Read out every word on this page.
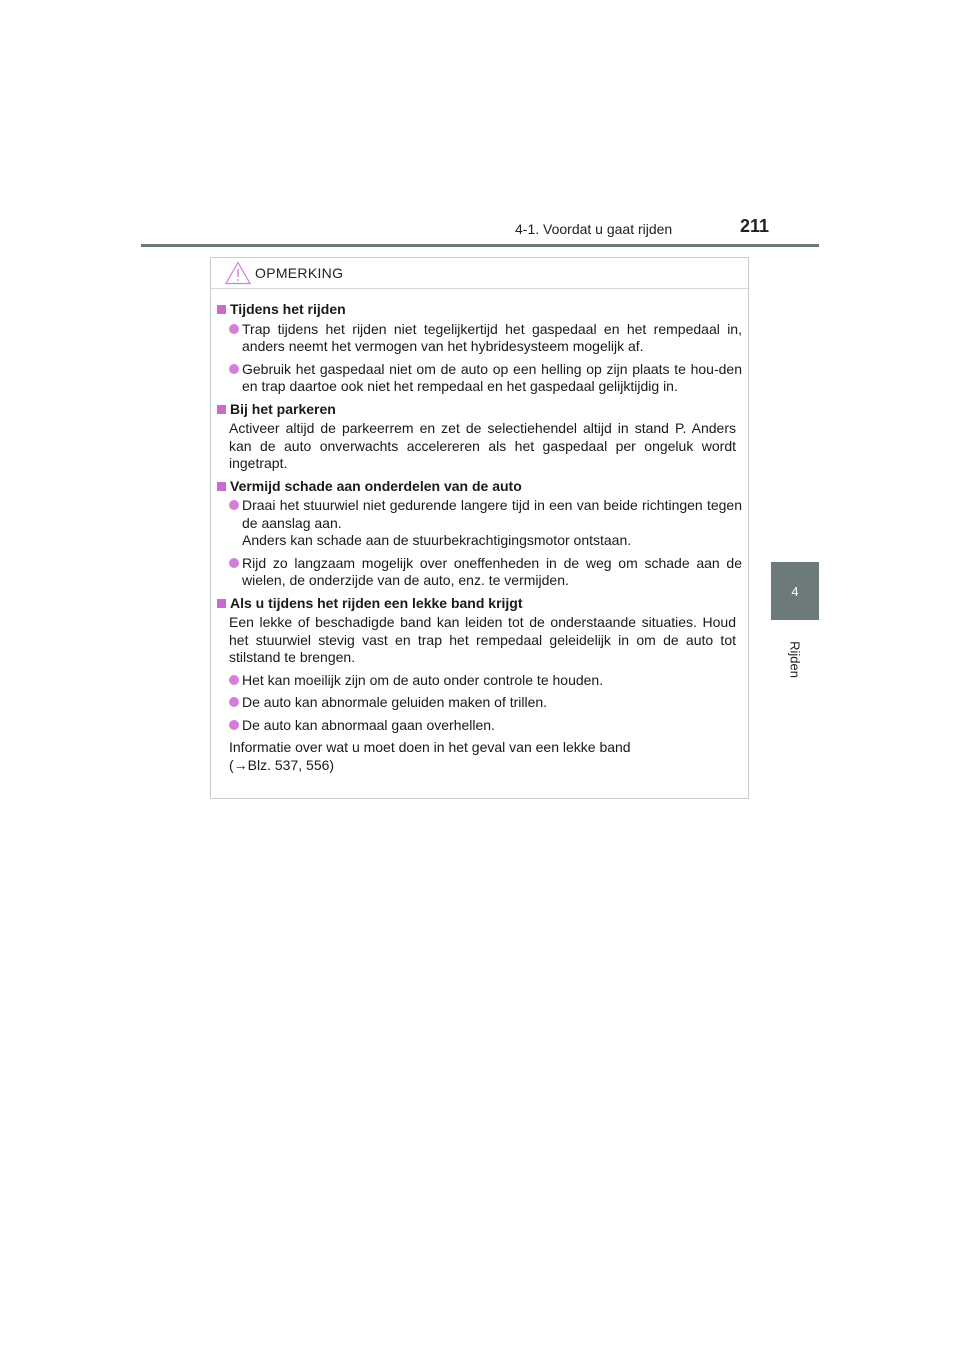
4-1. Voordat u gaat rijden	211
4
Rijden
OPMERKING
Tijdens het rijden
Trap tijdens het rijden niet tegelijkertijd het gaspedaal en het rempedaal in, anders neemt het vermogen van het hybridesysteem mogelijk af.
Gebruik het gaspedaal niet om de auto op een helling op zijn plaats te hou-den en trap daartoe ook niet het rempedaal en het gaspedaal gelijktijdig in.
Bij het parkeren
Activeer altijd de parkeerrem en zet de selectiehendel altijd in stand P. Anders kan de auto onverwachts accelereren als het gaspedaal per ongeluk wordt ingetrapt.
Vermijd schade aan onderdelen van de auto
Draai het stuurwiel niet gedurende langere tijd in een van beide richtingen tegen de aanslag aan.
Anders kan schade aan de stuurbekrachtigingsmotor ontstaan.
Rijd zo langzaam mogelijk over oneffenheden in de weg om schade aan de wielen, de onderzijde van de auto, enz. te vermijden.
Als u tijdens het rijden een lekke band krijgt
Een lekke of beschadigde band kan leiden tot de onderstaande situaties. Houd het stuurwiel stevig vast en trap het rempedaal geleidelijk in om de auto tot stilstand te brengen.
Het kan moeilijk zijn om de auto onder controle te houden.
De auto kan abnormale geluiden maken of trillen.
De auto kan abnormaal gaan overhellen.
Informatie over wat u moet doen in het geval van een lekke band
(→Blz. 537, 556)
